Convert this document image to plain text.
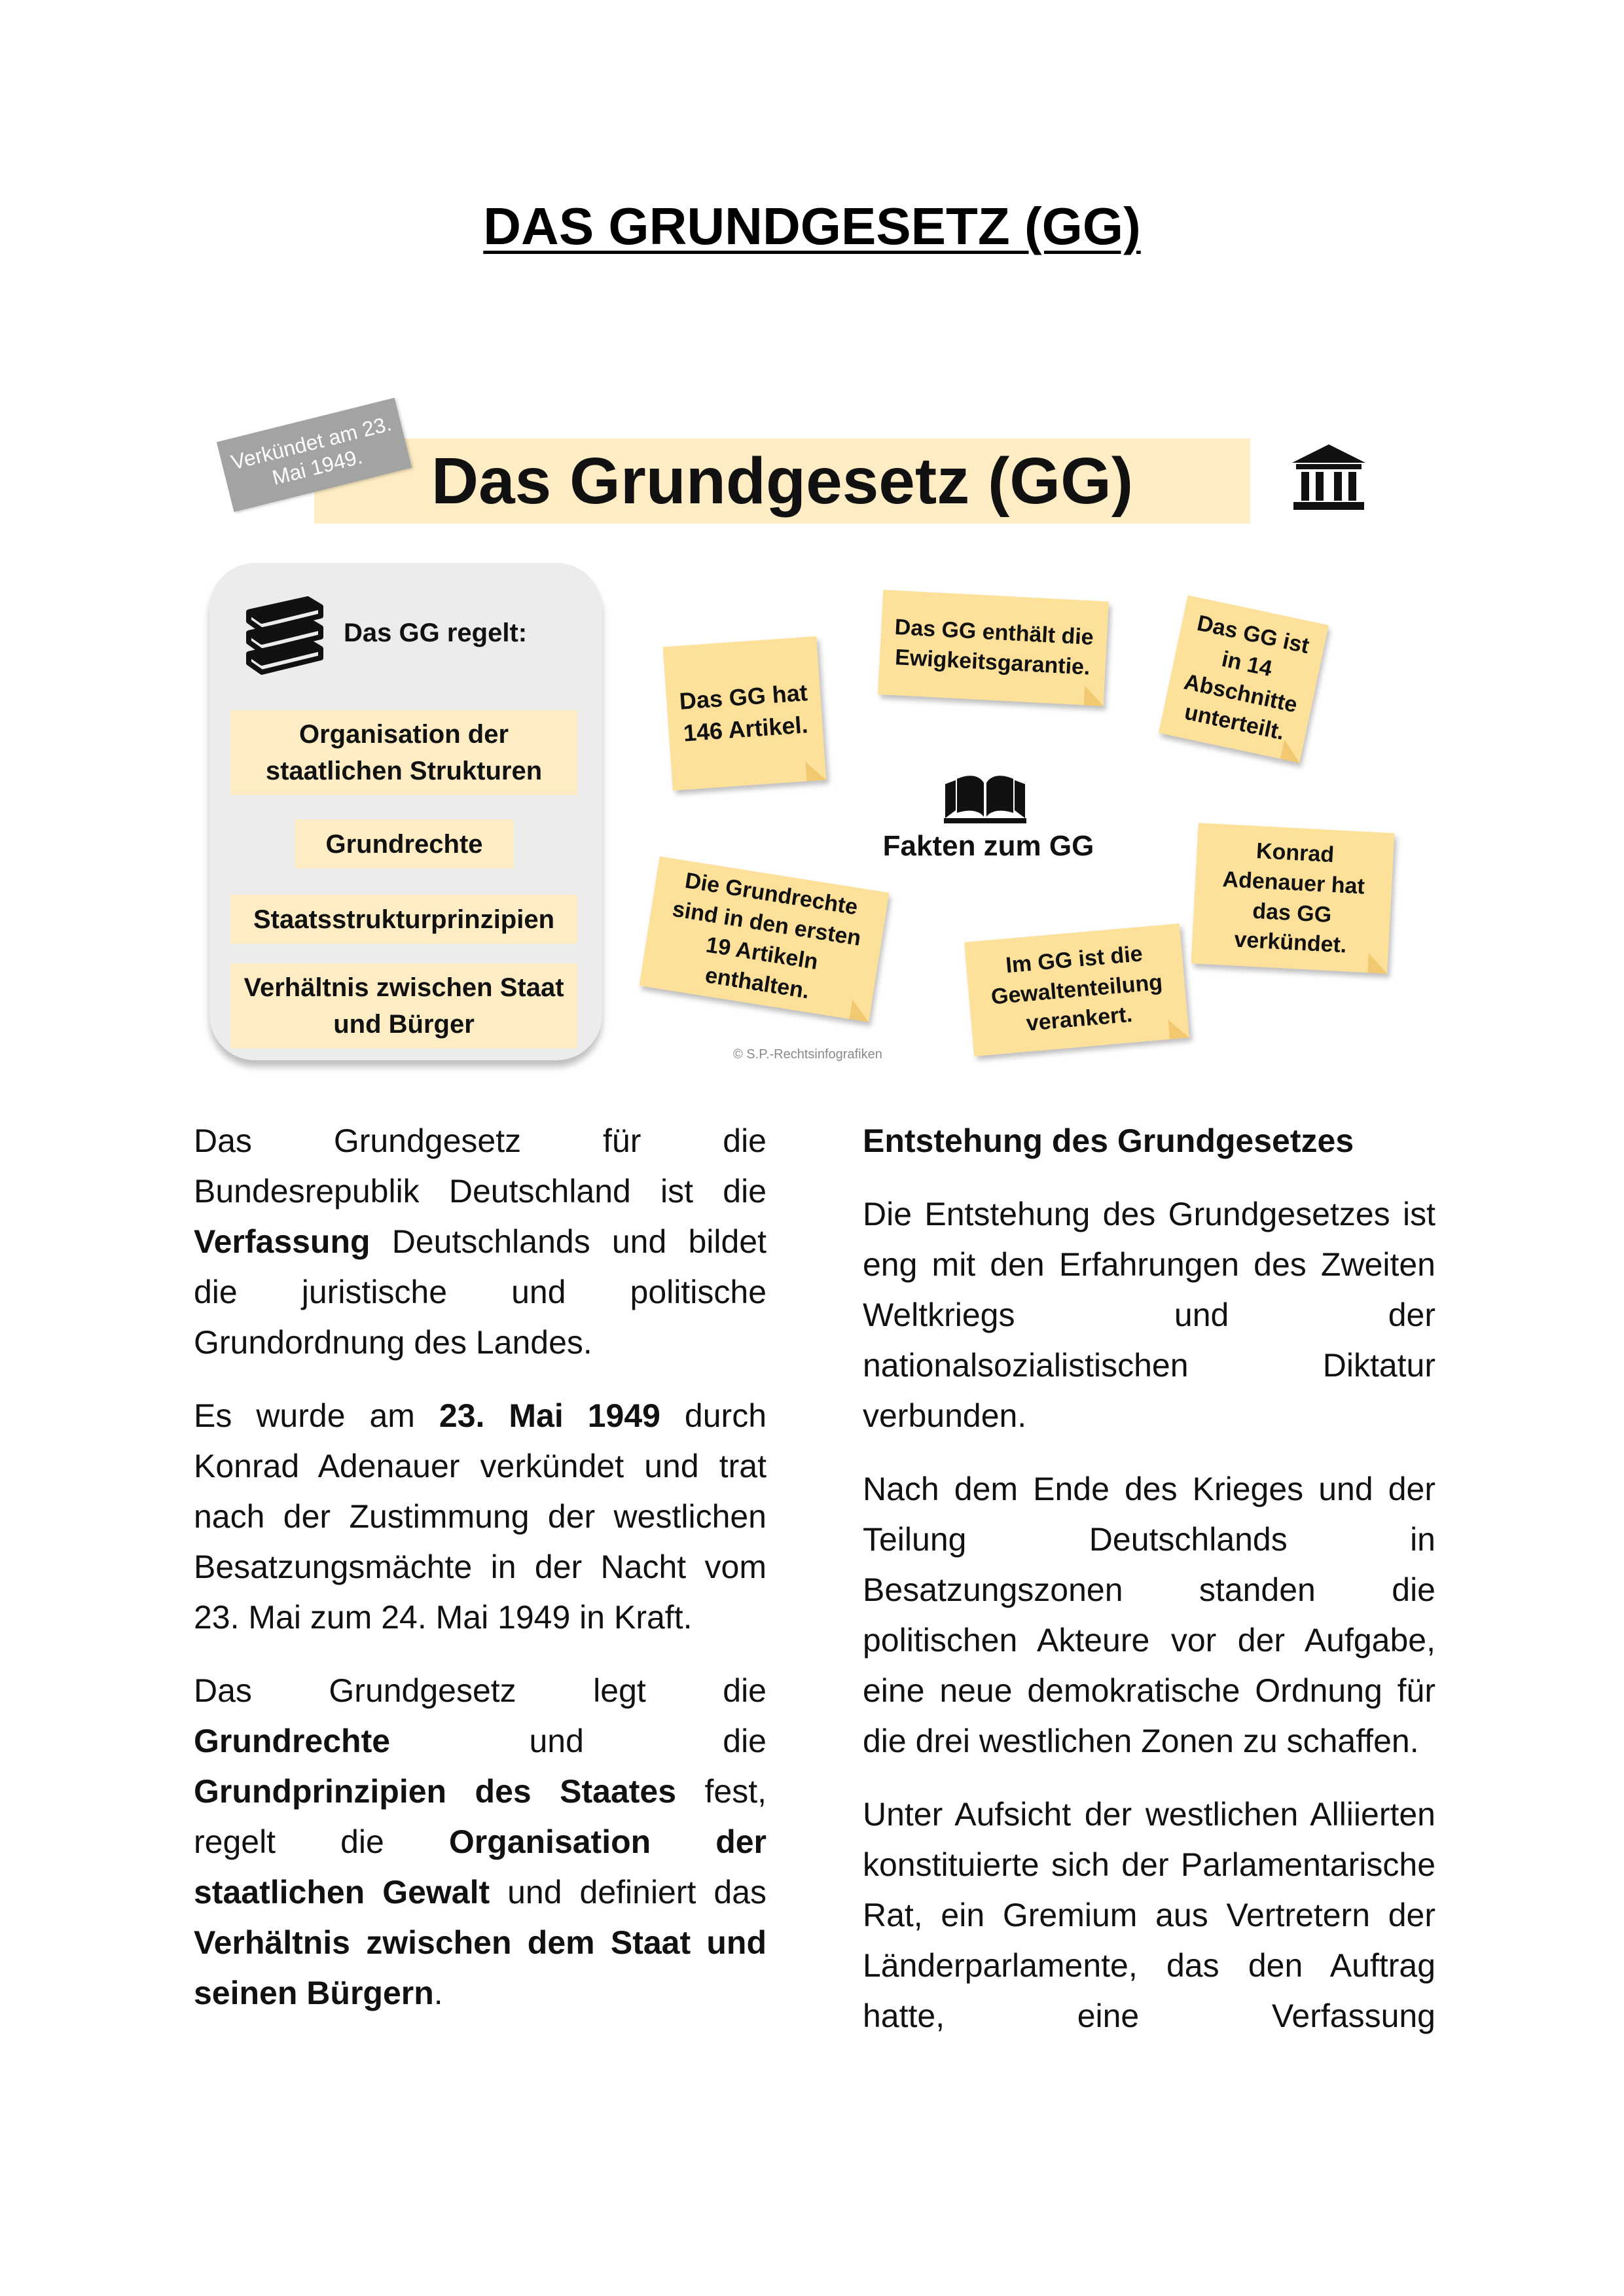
DAS GRUNDGESETZ (GG)
Das Grundgesetz (GG)
Verkündet am 23. Mai 1949.
Das GG regelt:
Organisation der staatlichen Strukturen
Grundrechte
Staatsstrukturprinzipien
Verhältnis zwischen Staat und Bürger
Das GG hat 146 Artikel.
Das GG enthält die Ewigkeitsgarantie.
Das GG ist in 14 Abschnitte unterteilt.
Konrad Adenauer hat das GG verkündet.
Die Grundrechte sind in den ersten 19 Artikeln enthalten.
Im GG ist die Gewaltenteilung verankert.
Fakten zum GG
© S.P.-Rechtsinfografiken

Das Grundgesetz für die Bundesrepublik Deutschland ist die Verfassung Deutschlands und bildet die juristische und politische Grundordnung des Landes.

Es wurde am 23. Mai 1949 durch Konrad Adenauer verkündet und trat nach der Zustimmung der westlichen Besatzungsmächte in der Nacht vom 23. Mai zum 24. Mai 1949 in Kraft.

Das Grundgesetz legt die Grundrechte und die Grundprinzipien des Staates fest, regelt die Organisation der staatlichen Gewalt und definiert das Verhältnis zwischen dem Staat und seinen Bürgern.

Entstehung des Grundgesetzes

Die Entstehung des Grundgesetzes ist eng mit den Erfahrungen des Zweiten Weltkriegs und der nationalsozialistischen Diktatur verbunden.

Nach dem Ende des Krieges und der Teilung Deutschlands in Besatzungszonen standen die politischen Akteure vor der Aufgabe, eine neue demokratische Ordnung für die drei westlichen Zonen zu schaffen.

Unter Aufsicht der westlichen Alliierten konstituierte sich der Parlamentarische Rat, ein Gremium aus Vertretern der Länderparlamente, das den Auftrag hatte, eine Verfassung
